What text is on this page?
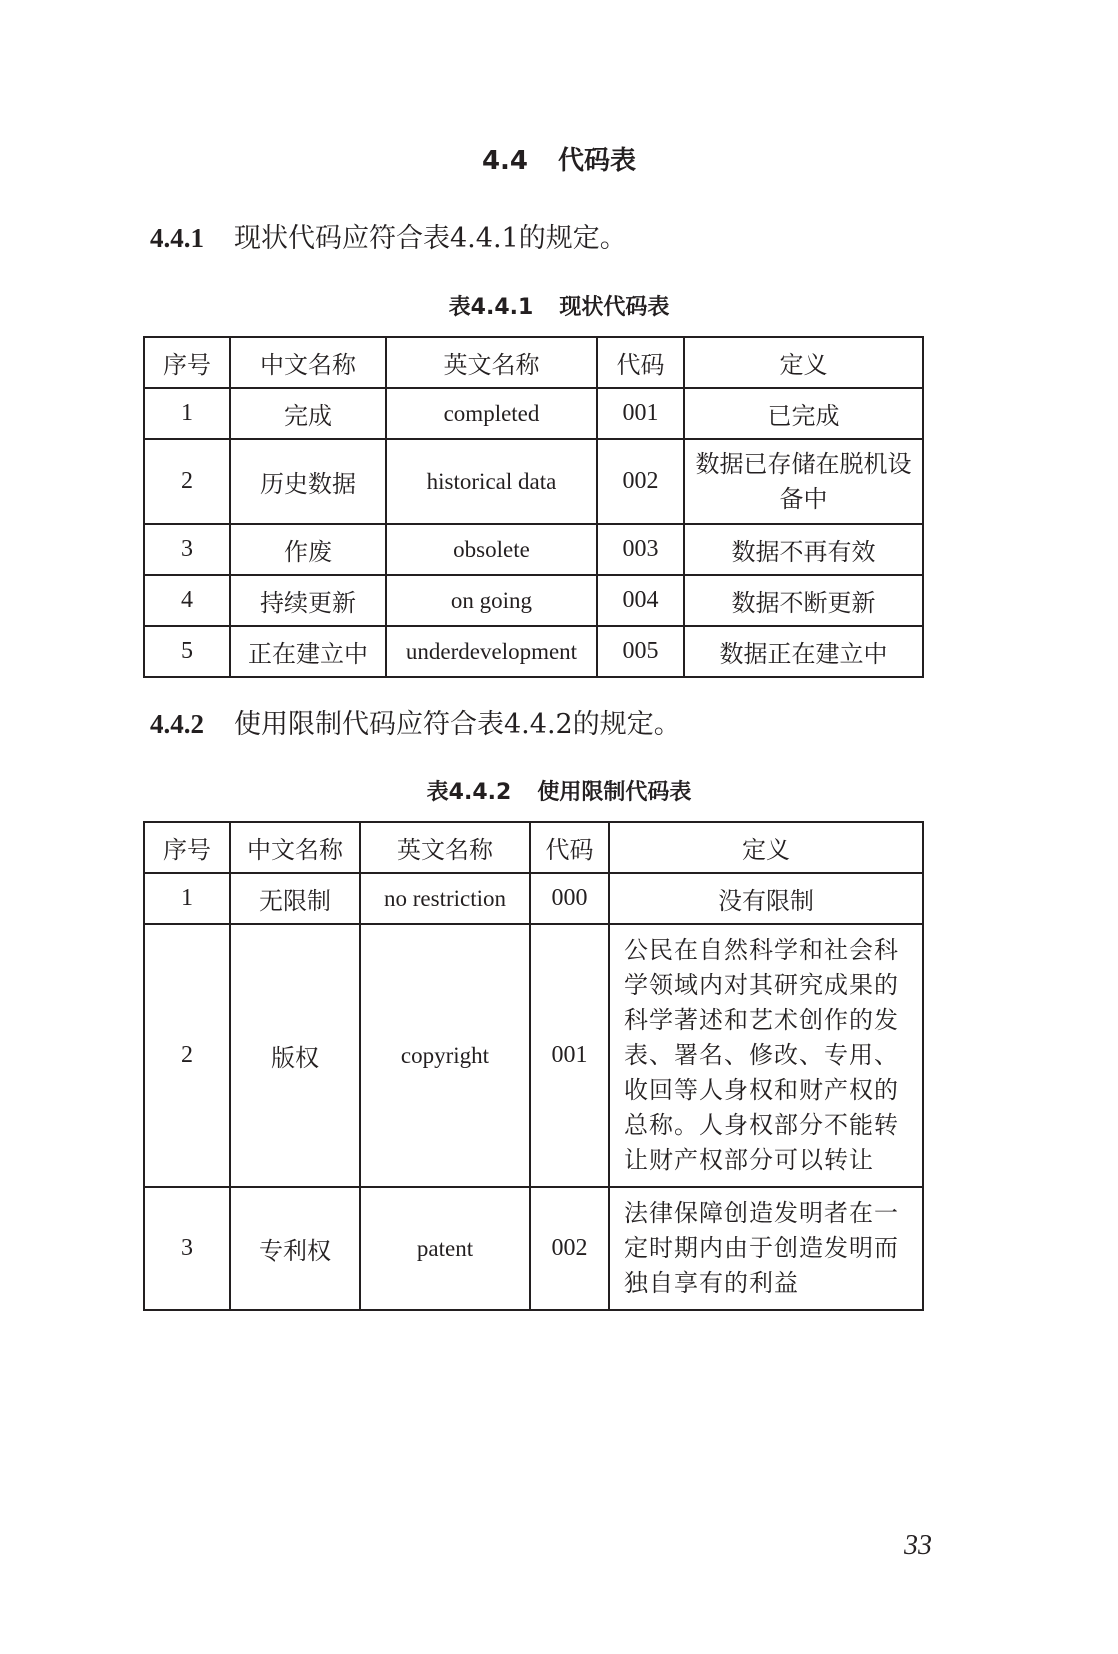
4.4 代码表
4.4.1 现状代码应符合表4.4.1的规定。
表4.4.1 现状代码表
序号	中文名称	英文名称	代码	定义
1	完成	completed	001	已完成
2	历史数据	historical data	002	数据已存储在脱机设备中
3	作废	obsolete	003	数据不再有效
4	持续更新	on going	004	数据不断更新
5	正在建立中	underdevelopment	005	数据正在建立中
4.4.2 使用限制代码应符合表4.4.2的规定。
表4.4.2 使用限制代码表
序号	中文名称	英文名称	代码	定义
1	无限制	no restriction	000	没有限制
2	版权	copyright	001	公民在自然科学和社会科学领域内对其研究成果的科学著述和艺术创作的发表、署名、修改、专用、收回等人身权和财产权的总称。人身权部分不能转让财产权部分可以转让
3	专利权	patent	002	法律保障创造发明者在一定时期内由于创造发明而独自享有的利益
33
